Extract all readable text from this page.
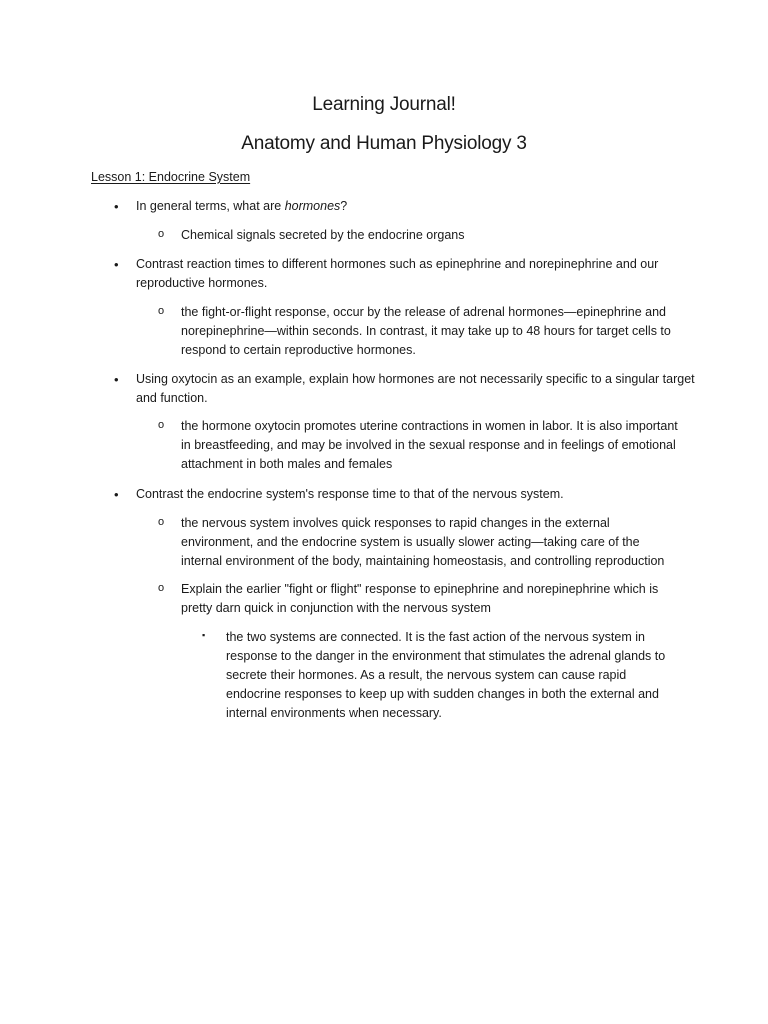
Learning Journal!
Anatomy and Human Physiology 3
Lesson 1: Endocrine System
• In general terms, what are hormones?
o Chemical signals secreted by the endocrine organs
• Contrast reaction times to different hormones such as epinephrine and norepinephrine and our reproductive hormones.
o the fight-or-flight response, occur by the release of adrenal hormones—epinephrine and norepinephrine—within seconds. In contrast, it may take up to 48 hours for target cells to respond to certain reproductive hormones.
• Using oxytocin as an example, explain how hormones are not necessarily specific to a singular target and function.
o the hormone oxytocin promotes uterine contractions in women in labor. It is also important in breastfeeding, and may be involved in the sexual response and in feelings of emotional attachment in both males and females
• Contrast the endocrine system's response time to that of the nervous system.
o the nervous system involves quick responses to rapid changes in the external environment, and the endocrine system is usually slower acting—taking care of the internal environment of the body, maintaining homeostasis, and controlling reproduction
o Explain the earlier "fight or flight" response to epinephrine and norepinephrine which is pretty darn quick in conjunction with the nervous system
▪ the two systems are connected. It is the fast action of the nervous system in response to the danger in the environment that stimulates the adrenal glands to secrete their hormones. As a result, the nervous system can cause rapid endocrine responses to keep up with sudden changes in both the external and internal environments when necessary.
